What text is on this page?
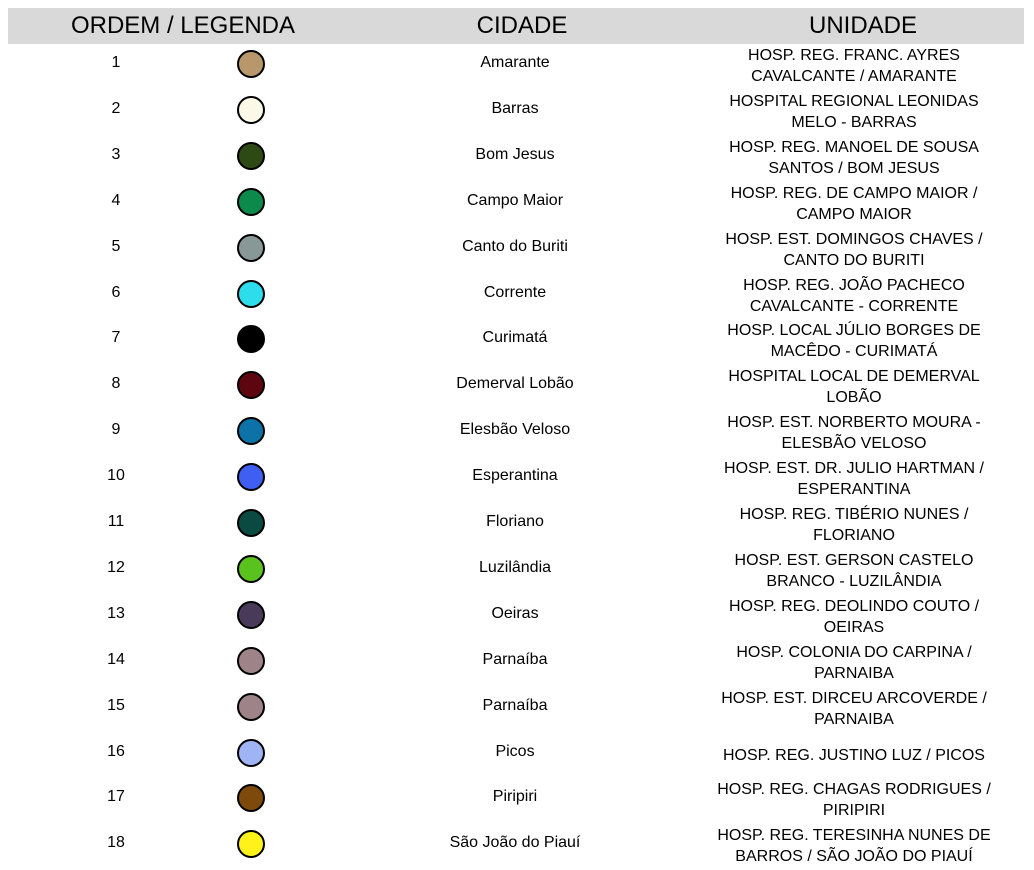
ORDEM / LEGENDA	CIDADE	UNIDADE
1	Amarante	HOSP. REG. FRANC. AYRES
CAVALCANTE / AMARANTE
2	Barras	HOSPITAL REGIONAL LEONIDAS
MELO - BARRAS
3	Bom Jesus	HOSP. REG. MANOEL DE SOUSA
SANTOS / BOM JESUS
4	Campo Maior	HOSP. REG. DE CAMPO MAIOR /
CAMPO MAIOR
5	Canto do Buriti	HOSP. EST. DOMINGOS CHAVES /
CANTO DO BURITI
6	Corrente	HOSP. REG. JOÃO PACHECO
CAVALCANTE - CORRENTE
7	Curimatá	HOSP. LOCAL JÚLIO BORGES DE
MACÊDO - CURIMATÁ
8	Demerval Lobão	HOSPITAL LOCAL DE DEMERVAL
LOBÃO
9	Elesbão Veloso	HOSP. EST. NORBERTO MOURA -
ELESBÃO VELOSO
10	Esperantina	HOSP. EST. DR. JULIO HARTMAN /
ESPERANTINA
11	Floriano	HOSP. REG. TIBÉRIO NUNES /
FLORIANO
12	Luzilândia	HOSP. EST. GERSON CASTELO
BRANCO - LUZILÂNDIA
13	Oeiras	HOSP. REG. DEOLINDO COUTO /
OEIRAS
14	Parnaíba	HOSP. COLONIA DO CARPINA /
PARNAIBA
15	Parnaíba	HOSP. EST. DIRCEU ARCOVERDE /
PARNAIBA
16	Picos	HOSP. REG. JUSTINO LUZ / PICOS
17	Piripiri	HOSP. REG. CHAGAS RODRIGUES /
PIRIPIRI
18	São João do Piauí	HOSP. REG. TERESINHA NUNES DE
BARROS / SÃO JOÃO DO PIAUÍ
